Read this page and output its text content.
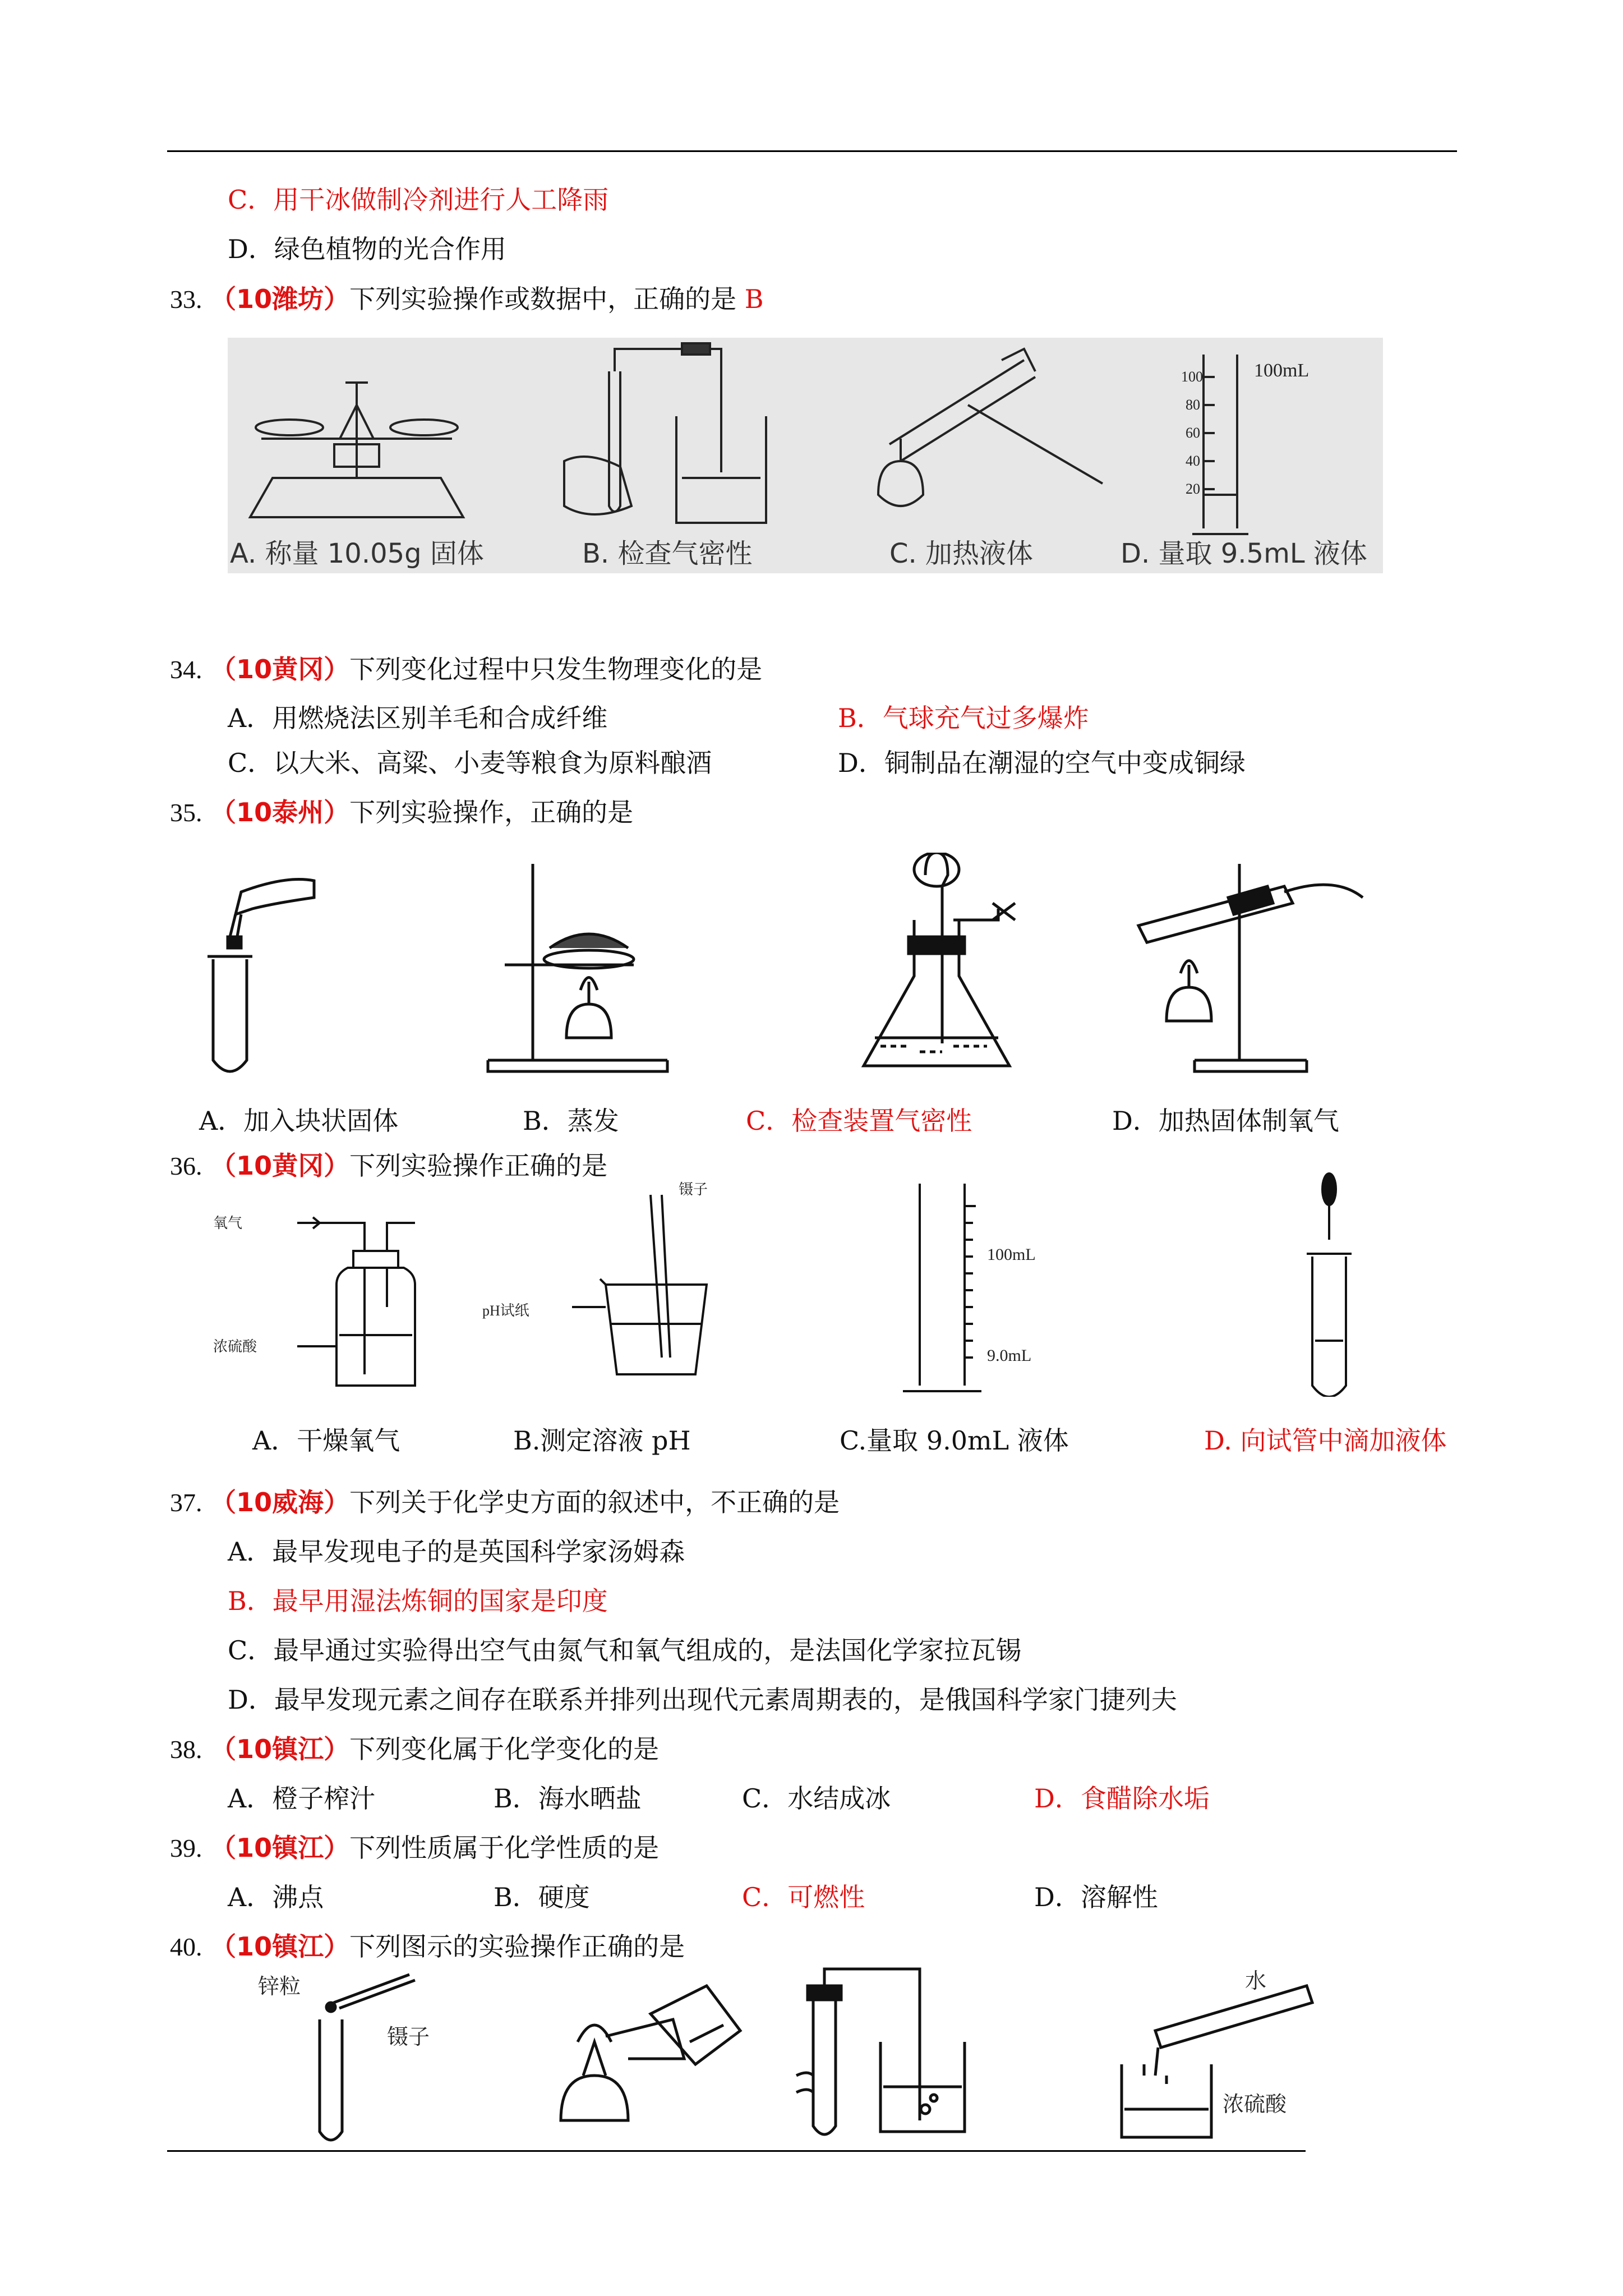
C．用干冰做制冷剂进行人工降雨
D．绿色植物的光合作用
33. （10潍坊）下列实验操作或数据中，正确的是 B
100mL
100
80
60
40
20
A. 称量 10.05g 固体	B. 检查气密性	C. 加热液体	D. 量取 9.5mL 液体
34. （10黄冈）下列变化过程中只发生物理变化的是
A．用燃烧法区别羊毛和合成纤维	B．气球充气过多爆炸
C．以大米、高粱、小麦等粮食为原料酿酒	D．铜制品在潮湿的空气中变成铜绿
35. （10泰州）下列实验操作，正确的是
A．加入块状固体	B．蒸发	C．检查装置气密性	D．加热固体制氧气
36. （10黄冈）下列实验操作正确的是
氧气
浓硫酸
pH试纸
镊子
100mL
9.0mL
A．干燥氧气	B.测定溶液 pH	C.量取 9.0mL 液体	D. 向试管中滴加液体
37. （10威海）下列关于化学史方面的叙述中，不正确的是
A．最早发现电子的是英国科学家汤姆森
B．最早用湿法炼铜的国家是印度
C．最早通过实验得出空气由氮气和氧气组成的，是法国化学家拉瓦锡
D．最早发现元素之间存在联系并排列出现代元素周期表的，是俄国科学家门捷列夫
38. （10镇江）下列变化属于化学变化的是
A．橙子榨汁	B．海水晒盐	C．水结成冰	D．食醋除水垢
39. （10镇江）下列性质属于化学性质的是
A．沸点	B．硬度	C．可燃性	D．溶解性
40. （10镇江）下列图示的实验操作正确的是
锌粒
镊子
水
浓硫酸
